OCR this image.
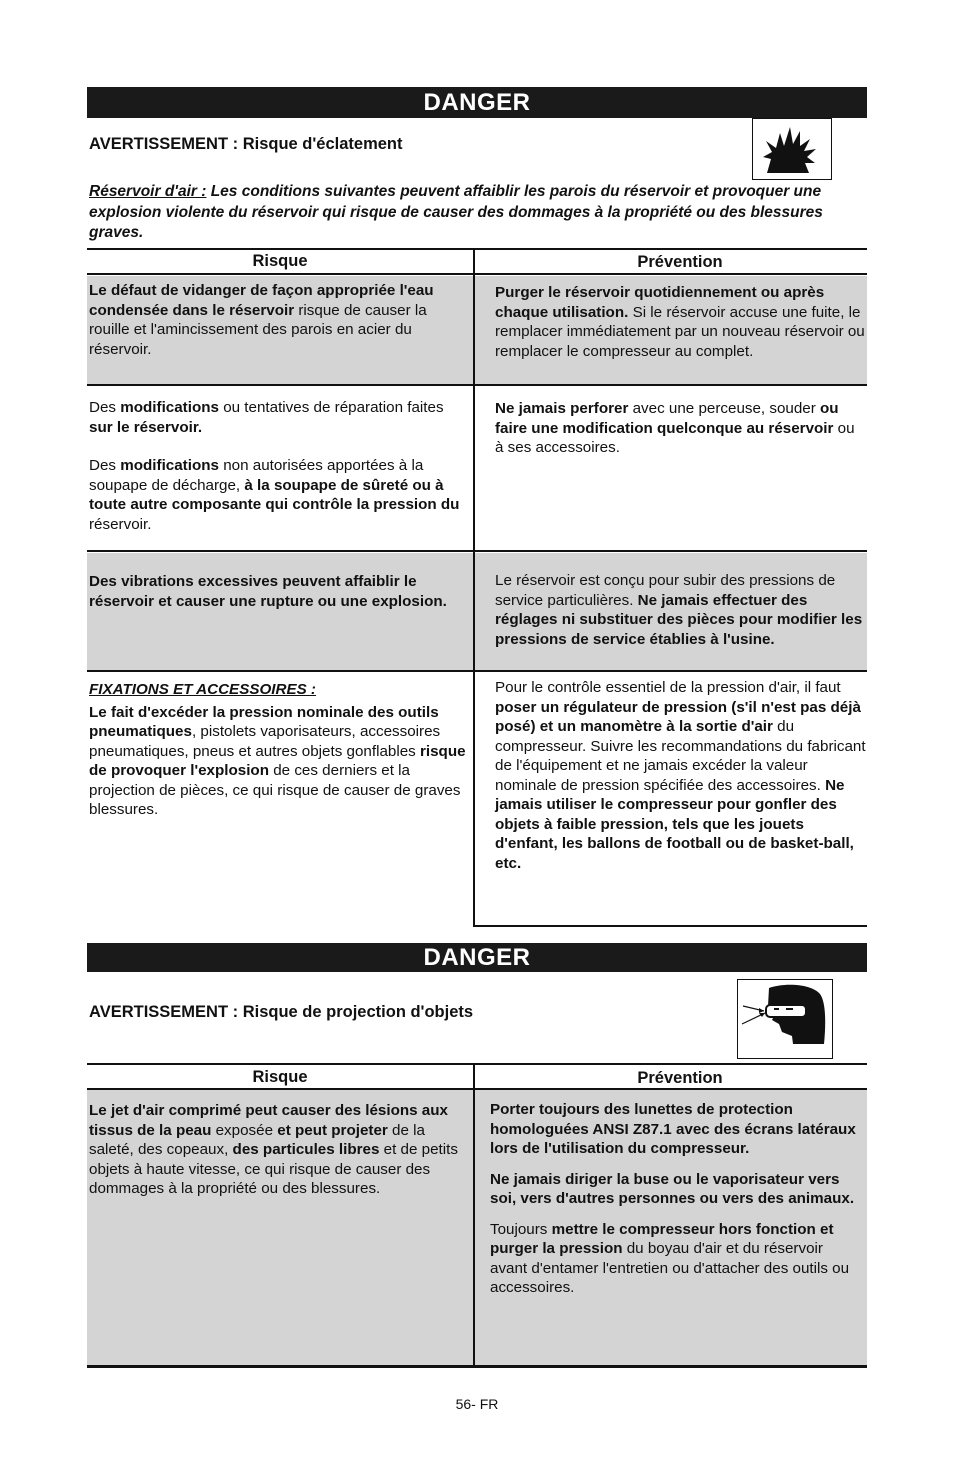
DANGER
AVERTISSEMENT : Risque d'éclatement
Réservoir d'air : Les conditions suivantes peuvent affaiblir les parois du réservoir et provoquer une explosion violente du réservoir qui risque de causer des dommages à la propriété ou des blessures graves.
Risque	Prévention

Le défaut de vidanger de façon appropriée l'eau condensée dans le réservoir risque de causer la rouille et l'amincissement des parois en acier du réservoir.

Purger le réservoir quotidiennement ou après chaque utilisation. Si le réservoir accuse une fuite, le remplacer immédiatement par un nouveau réservoir ou remplacer le compresseur au complet.

Des modifications ou tentatives de réparation faites sur le réservoir.

Des modifications non autorisées apportées à la soupape de décharge, à la soupape de sûreté ou à toute autre composante qui contrôle la pression du réservoir.

Ne jamais perforer avec une perceuse, souder ou faire une modification quelconque au réservoir ou à ses accessoires.

Des vibrations excessives peuvent affaiblir le réservoir et causer une rupture ou une explosion.

Le réservoir est conçu pour subir des pressions de service particulières. Ne jamais effectuer des réglages ni substituer des pièces pour modifier les pressions de service établies à l'usine.

FIXATIONS ET ACCESSOIRES :

Le fait d'excéder la pression nominale des outils pneumatiques, pistolets vaporisateurs, accessoires pneumatiques, pneus et autres objets gonflables risque de provoquer l'explosion de ces derniers et la projection de pièces, ce qui risque de causer de graves blessures.

Pour le contrôle essentiel de la pression d'air, il faut poser un régulateur de pression (s'il n'est pas déjà posé) et un manomètre à la sortie d'air du compresseur. Suivre les recommandations du fabricant de l'équipement et ne jamais excéder la valeur nominale de pression spécifiée des accessoires. Ne jamais utiliser le compresseur pour gonfler des objets à faible pression, tels que les jouets d'enfant, les ballons de football ou de basket-ball, etc.

DANGER
AVERTISSEMENT : Risque de projection d'objets
Risque	Prévention

Le jet d'air comprimé peut causer des lésions aux tissus de la peau exposée et peut projeter de la saleté, des copeaux, des particules libres et de petits objets à haute vitesse, ce qui risque de causer des dommages à la propriété ou des blessures.

Porter toujours des lunettes de protection homologuées ANSI Z87.1 avec des écrans latéraux lors de l'utilisation du compresseur.

Ne jamais diriger la buse ou le vaporisateur vers soi, vers d'autres personnes ou vers des animaux.

Toujours mettre le compresseur hors fonction et purger la pression du boyau d'air et du réservoir avant d'entamer l'entretien ou d'attacher des outils ou accessoires.

56- FR
